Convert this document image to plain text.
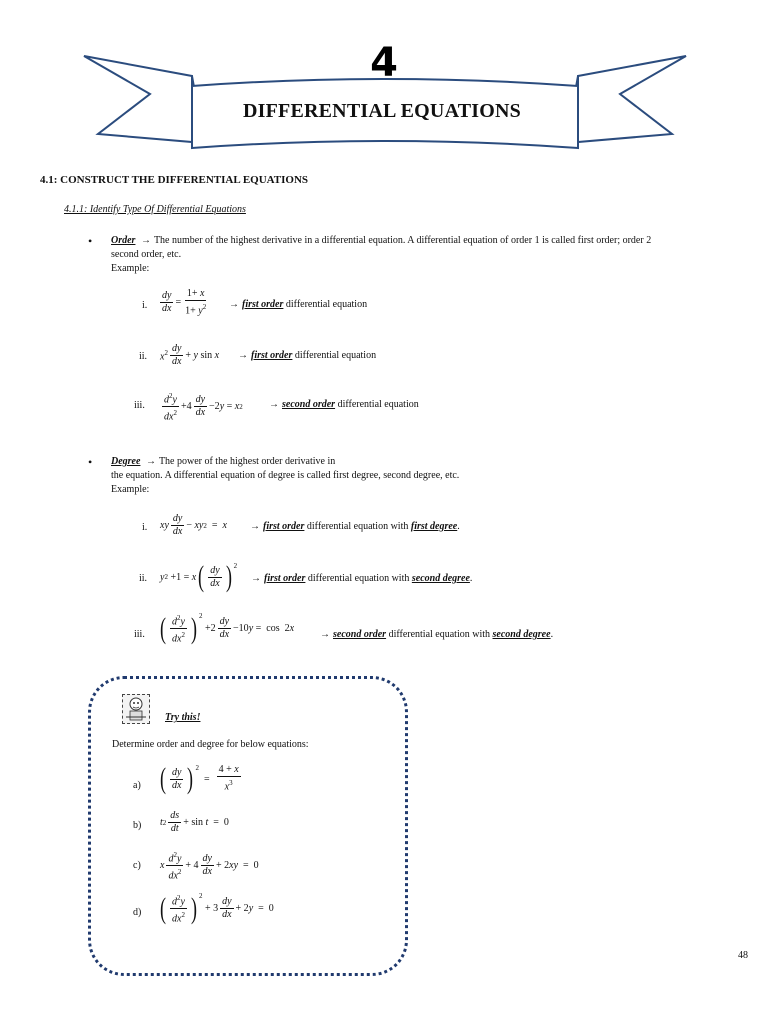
4
DIFFERENTIAL EQUATIONS
4.1: CONSTRUCT THE DIFFERENTIAL EQUATIONS
4.1.1: Identify Type Of Differential Equations
• Order → The number of the highest derivative in a differential equation. A differential equation of order 1 is called first order; order 2
second order, etc.
Example:
i. $\frac{dy}{dx} = \frac{1+ x}{1+ y^2}$	→ first order differential equation
ii. $x^2 \frac{dy}{dx} + y$ sin x	→ first order differential equation
iii. $\frac{d^2y}{dx^2} +4 \frac{dy}{dx} -2$ y = x 2	→ second order differential equation
• Degree → The power of the highest order derivative in
the equation. A differential equation of degree is called first degree, second degree, etc.
Example:
i. xy $\frac{dy}{dx}$ − xy 2 = x	→ first order differential equation with first degree.
ii. y 2 +1 = x ( $\frac{dy}{dx}$ ) $^2$
→ first order differential equation with second degree.
iii. ( $\frac{d^2y}{dx^2}$ ) $^2$
$+2 \frac{dy}{dx} -10$ y =  cos  2 x
→ second order differential equation with second degree.
Try this!
Determine order and degree for below equations:
a) ( $\frac{dy}{dx}$ ) $^2$
= $\frac{4 + x}{x^3}$
b) t $2 \frac{ds}{dt} + \sin t = 0$
c) x $\frac{d^2y}{dx^2} + 4 \frac{dy}{dx} + 2$ xy =  0
d) ( $\frac{d^2y}{dx^2}$ ) $^2$
+ $3 \frac{dy}{dx} + 2$ y =  0
48
